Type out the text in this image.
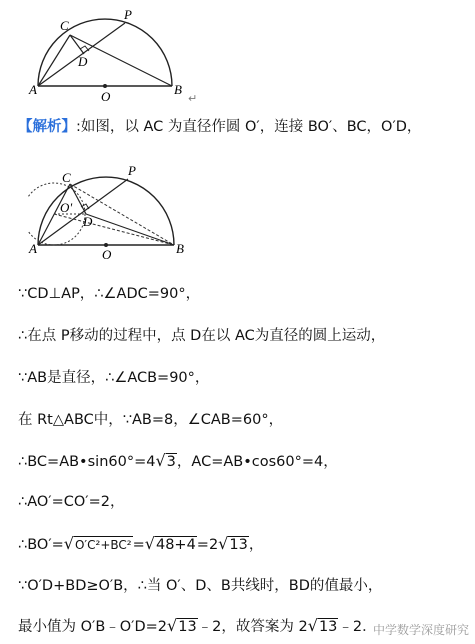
C
P
D
A	O	B
↵
【解析】:如图，以 AC 为直径作圆 O′，连接 BO′、BC，O′D，
C	P
O'
D
A	O	B
∵CD⊥AP，∴∠ADC=90°，
∴在点 P移动的过程中，点 D在以 AC为直径的圆上运动，
∵AB是直径，∴∠ACB=90°，
在 Rt△ABC中，∵AB=8，∠CAB=60°，
∴BC=AB•sin60°=4√3，AC=AB•cos60°=4，
∴AO′=CO′=2，
∴BO′=√O′C²+BC²=√48+4=2√13，
∵O′D+BD≥O′B，∴当 O′、D、B共线时，BD的值最小，
最小值为 O′B﹣O′D=2√13﹣2，故答案为 2√13﹣2．
中学数学深度研究
